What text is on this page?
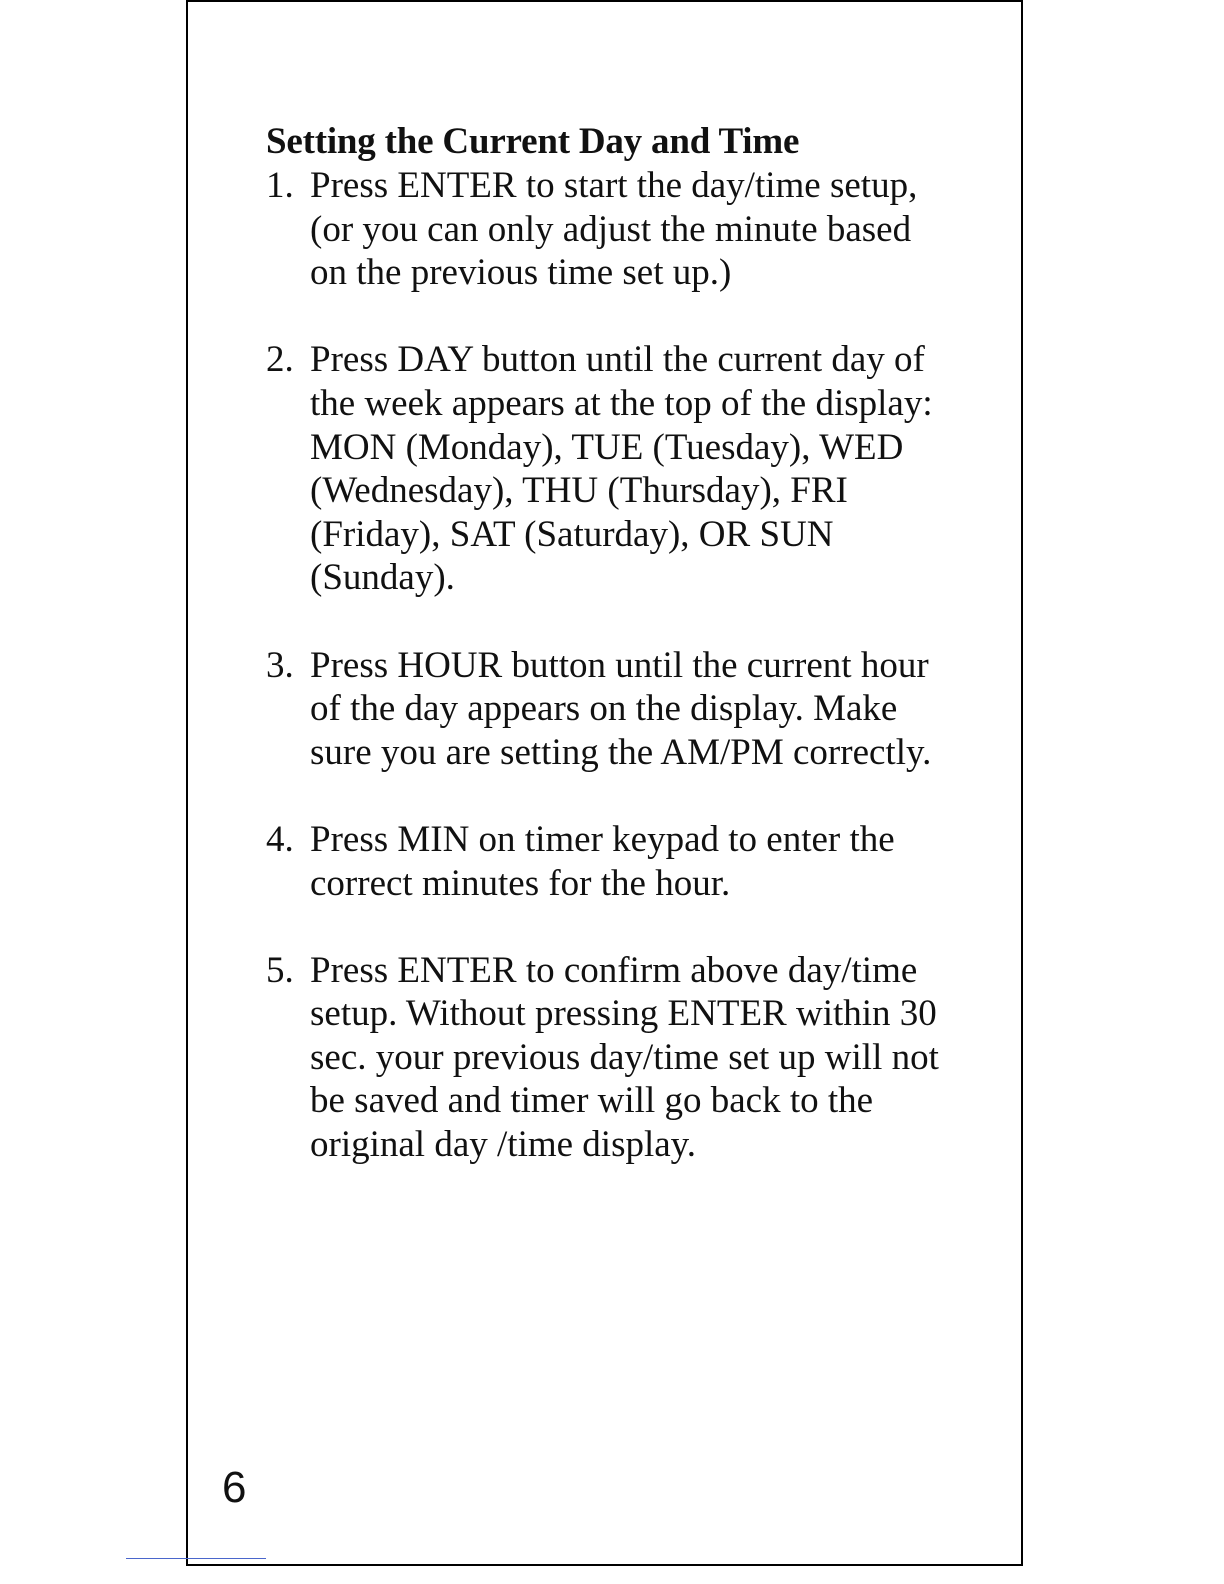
Setting the Current Day and Time
1. Press ENTER to start the day/time setup, (or you can only adjust the minute based on the previous time set up.)
2. Press DAY button until the current day of the week appears at the top of the display: MON (Monday), TUE (Tuesday), WED (Wednesday), THU (Thursday), FRI (Friday), SAT (Saturday), OR SUN (Sunday).
3. Press HOUR button until the current hour of the day appears on the display. Make sure you are setting the AM/PM correctly.
4. Press MIN on timer keypad to enter the correct minutes for the hour.
5. Press ENTER to confirm above day/time setup. Without pressing ENTER within 30 sec. your previous day/time set up will not be saved and timer will go back to the original day /time display.
6
